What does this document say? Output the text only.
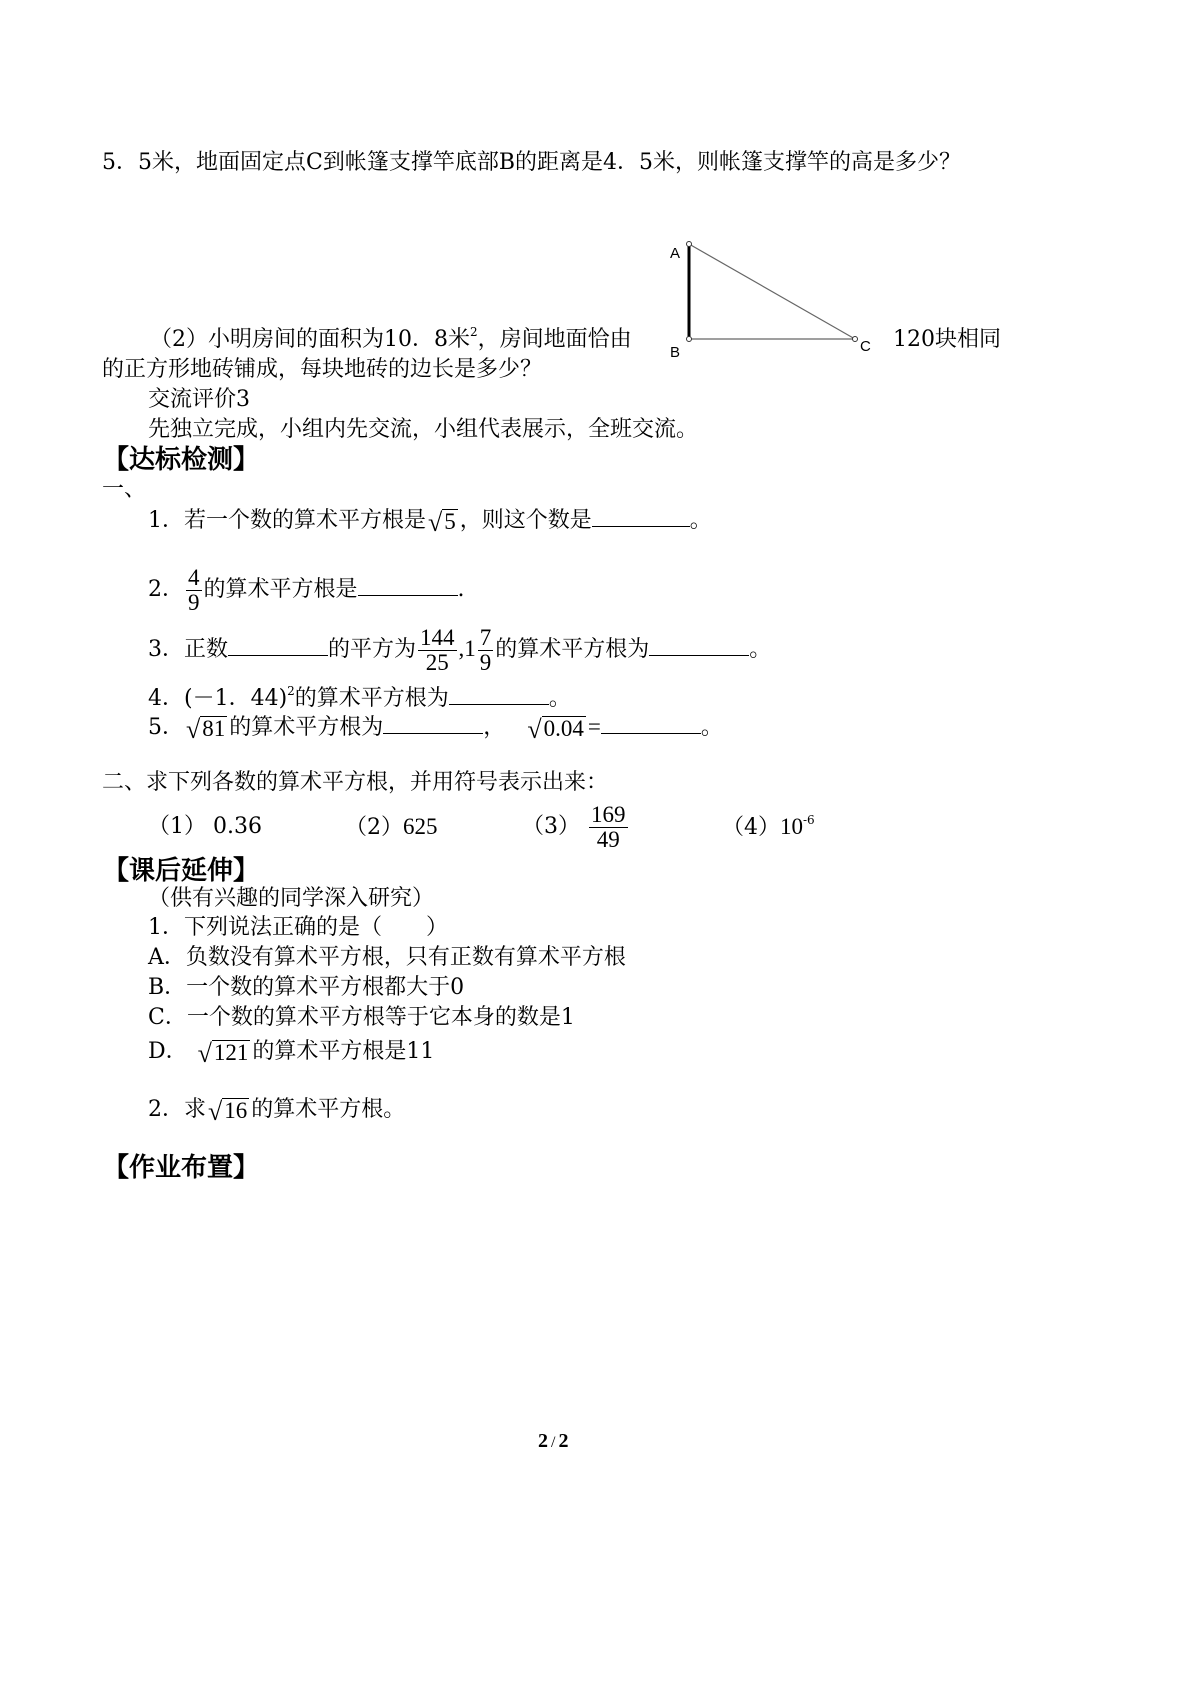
5．5米，地面固定点C到帐篷支撑竿底部B的距离是4．5米，则帐篷支撑竿的高是多少？
A
B	C
（2）小明房间的面积为10．8米$^2$，房间地面恰由	120块相同
的正方形地砖铺成，每块地砖的边长是多少？
交流评价3
先独立完成，小组内先交流，小组代表展示，全班交流。
【达标检测】
一、
1．若一个数的算术平方根是 √ 5 ，则这个数是	。
2． $\frac{4}{9}$ 的算术平方根是	.
3．正数	的平方为 $\frac{144}{25} ,1 \frac{7}{9}$ 的算术平方根为	。
4．(－1．44)$^2$的算术平方根为	。
5． √ 81 的算术平方根为	， √ 0.04 =	。
二、求下列各数的算术平方根，并用符号表示出来：
（1） 0.36	（2）625	$(3) \frac{169}{49}$	$(4)10^{-6}$
【课后延伸】
（供有兴趣的同学深入研究）
1．下列说法正确的是（　　）
A．负数没有算术平方根，只有正数有算术平方根
B．一个数的算术平方根都大于0
C．一个数的算术平方根等于它本身的数是1
D． √ 121 的算术平方根是11
2．求 √ 16 的算术平方根。
【作业布置】
2 / 2
